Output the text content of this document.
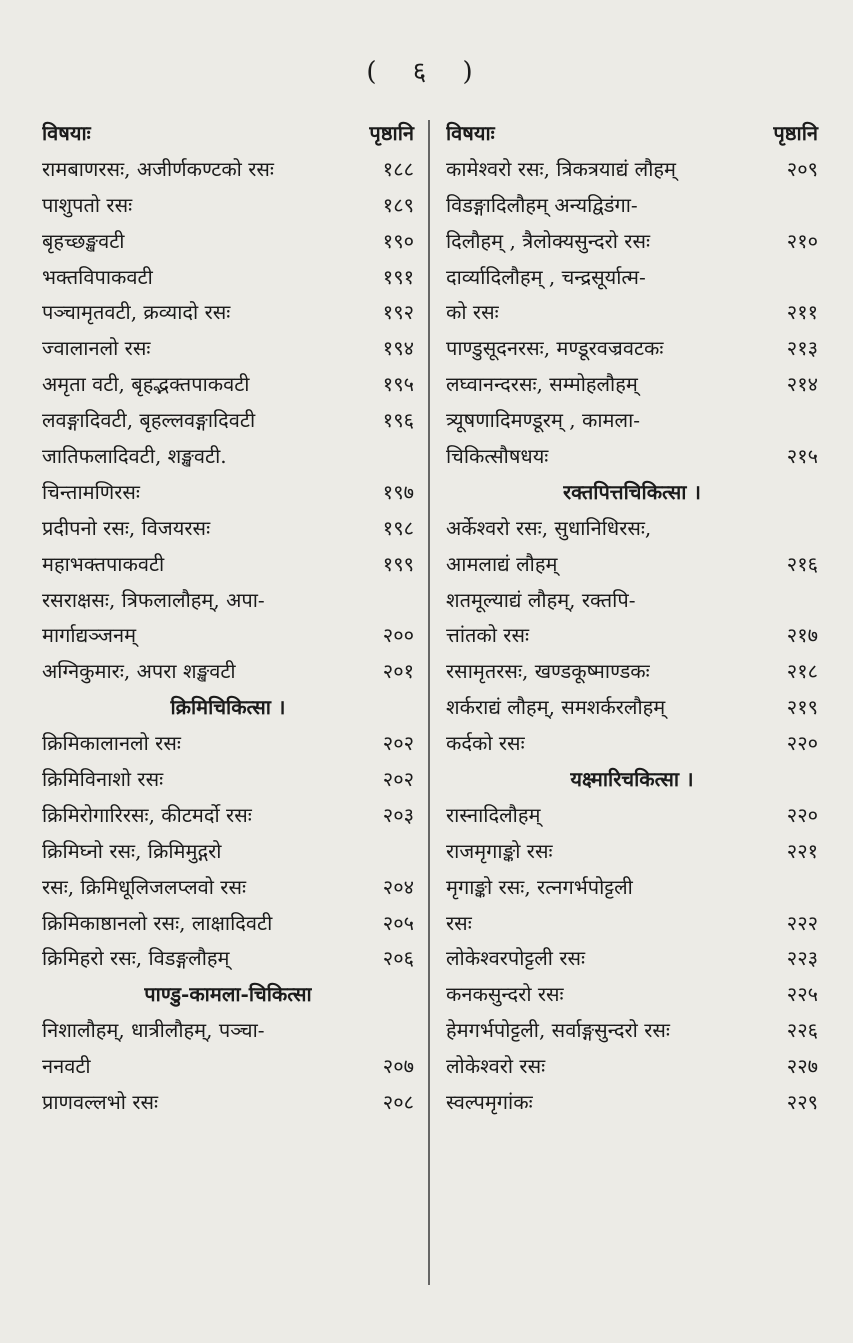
( ६ )
विषयाः	पृष्ठानि
रामबाणरसः, अजीर्णकण्टको रसः	१८८
पाशुपतो रसः	१८९
बृहच्छङ्खवटी	१९०
भक्तविपाकवटी	१९१
पञ्चामृतवटी, क्रव्यादो रसः	१९२
ज्वालानलो रसः	१९४
अमृता वटी, बृहद्भक्तपाकवटी	१९५
लवङ्गादिवटी, बृहल्लवङ्गादिवटी	१९६
जातिफलादिवटी, शङ्खवटी.
चिन्तामणिरसः	१९७
प्रदीपनो रसः, विजयरसः	१९८
महाभक्तपाकवटी	१९९
रसराक्षसः, त्रिफलालौहम्, अपा-
मार्गाद्यञ्जनम्	२००
अग्निकुमारः, अपरा शङ्खवटी	२०१
क्रिमिचिकित्सा ।
क्रिमिकालानलो रसः	२०२
क्रिमिविनाशो रसः	२०२
क्रिमिरोगारिरसः, कीटमर्दो रसः	२०३
क्रिमिघ्नो रसः, क्रिमिमुद्गरो
रसः, क्रिमिधूलिजलप्लवो रसः	२०४
क्रिमिकाष्ठानलो रसः, लाक्षादिवटी	२०५
क्रिमिहरो रसः, विडङ्गलौहम्	२०६
पाण्डु-कामला-चिकित्सा
निशालौहम्, धात्रीलौहम्, पञ्चा-
ननवटी	२०७
प्राणवल्लभो रसः	२०८
विषयाः	पृष्ठानि
कामेश्वरो रसः, त्रिकत्रयाद्यं लौहम्	२०९
विडङ्गादिलौहम् अन्यद्विडंगा-
दिलौहम् , त्रैलोक्यसुन्दरो रसः	२१०
दार्व्यादिलौहम् , चन्द्रसूर्यात्म-
को रसः	२११
पाण्डुसूदनरसः, मण्डूरवज्रवटकः	२१३
लघ्वानन्दरसः, सम्मोहलौहम्	२१४
त्र्यूषणादिमण्डूरम् , कामला-
चिकित्सौषधयः	२१५
रक्तपित्तचिकित्सा ।
अर्केश्वरो रसः, सुधानिधिरसः,
आमलाद्यं लौहम्	२१६
शतमूल्याद्यं लौहम्, रक्तपि-
त्तांतको रसः	२१७
रसामृतरसः, खण्डकूष्माण्डकः	२१८
शर्कराद्यं लौहम्, समशर्करलौहम्	२१९
कर्दको रसः	२२०
यक्ष्मारिचकित्सा ।
रास्नादिलौहम्	२२०
राजमृगाङ्को रसः	२२१
मृगाङ्को रसः, रत्नगर्भपोट्टली
रसः	२२२
लोकेश्वरपोट्टली रसः	२२३
कनकसुन्दरो रसः	२२५
हेमगर्भपोट्टली, सर्वाङ्गसुन्दरो रसः	२२६
लोकेश्वरो रसः	२२७
स्वल्पमृगांकः	२२९
